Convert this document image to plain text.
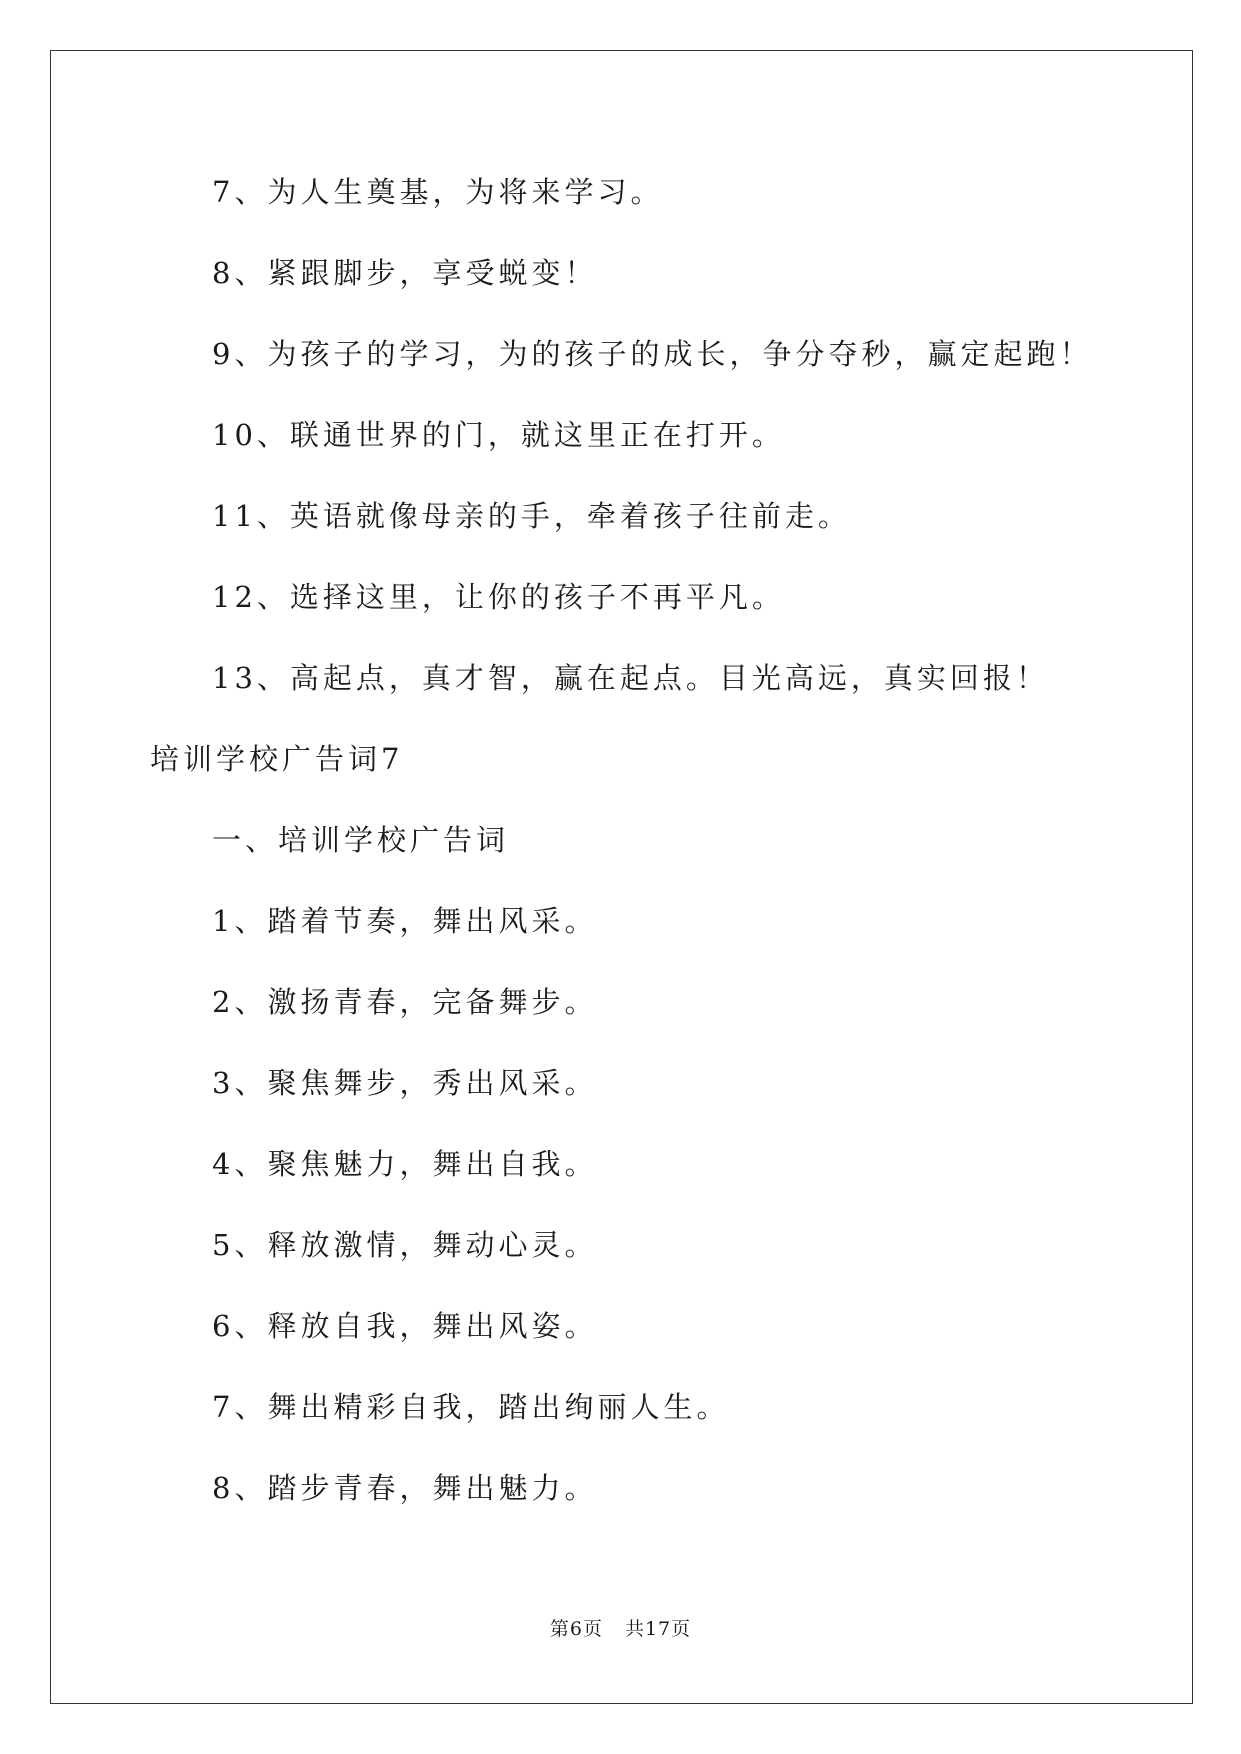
7、为人生奠基，为将来学习。
8、紧跟脚步，享受蜕变！
9、为孩子的学习，为的孩子的成长，争分夺秒，赢定起跑！
10、联通世界的门，就这里正在打开。
11、英语就像母亲的手，牵着孩子往前走。
12、选择这里，让你的孩子不再平凡。
13、高起点，真才智，赢在起点。目光高远，真实回报！
培训学校广告词7
一、培训学校广告词
1、踏着节奏，舞出风采。
2、激扬青春，完备舞步。
3、聚焦舞步，秀出风采。
4、聚焦魅力，舞出自我。
5、释放激情，舞动心灵。
6、释放自我，舞出风姿。
7、舞出精彩自我，踏出绚丽人生。
8、踏步青春，舞出魅力。
第6页 共17页
